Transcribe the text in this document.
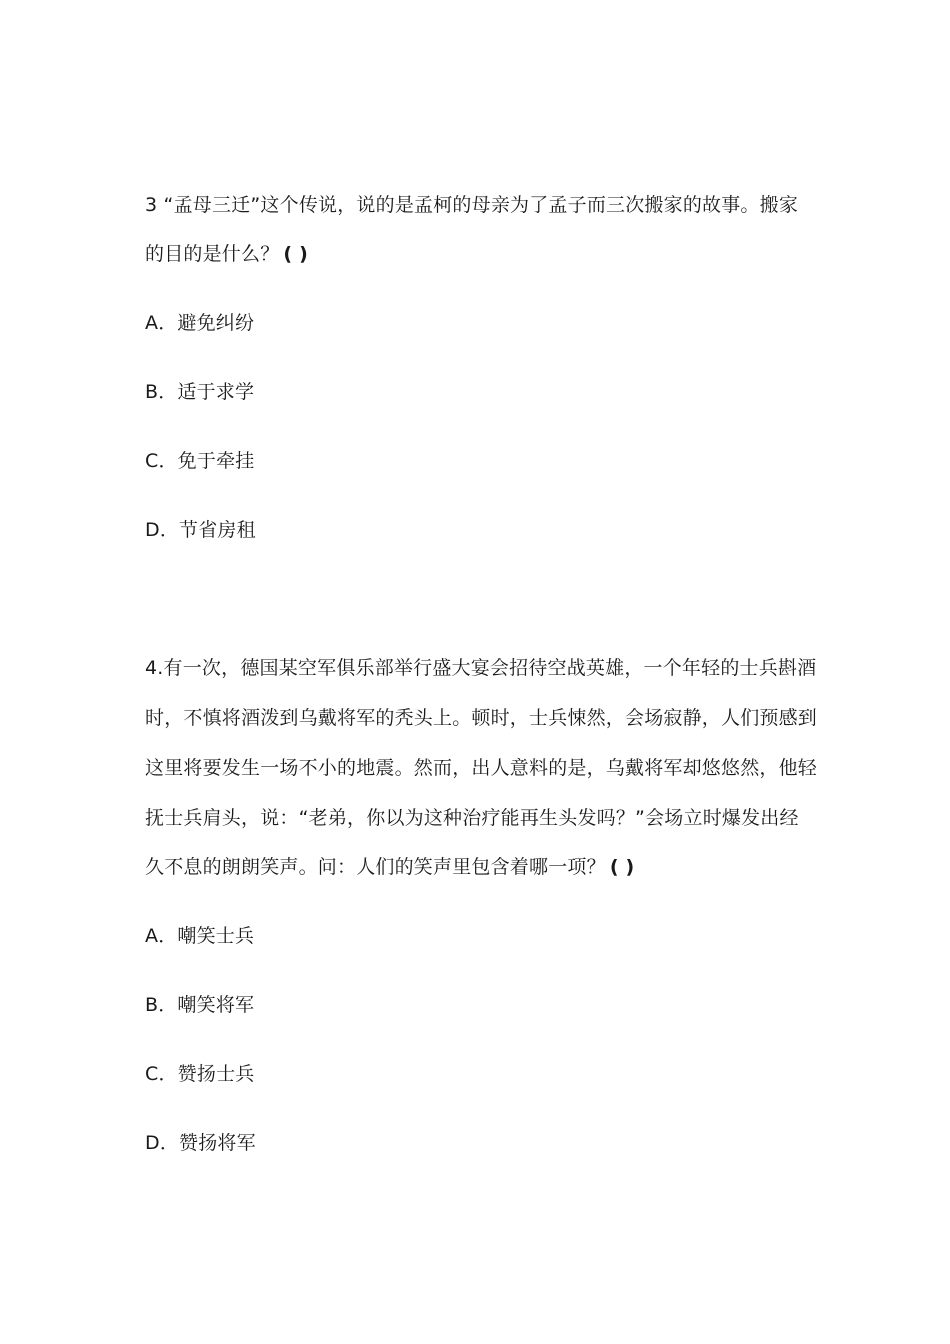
3 “孟母三迁”这个传说，说的是孟柯的母亲为了孟子而三次搬家的故事。搬家
的目的是什么？ ( )
A．避免纠纷
B．适于求学
C．免于牵挂
D．节省房租
4.有一次，德国某空军俱乐部举行盛大宴会招待空战英雄，一个年轻的士兵斟酒
时，不慎将酒泼到乌戴将军的秃头上。顿时，士兵悚然，会场寂静，人们预感到
这里将要发生一场不小的地震。然而，出人意料的是，乌戴将军却悠悠然，他轻
抚士兵肩头，说：“老弟，你以为这种治疗能再生头发吗？”会场立时爆发出经
久不息的朗朗笑声。问：人们的笑声里包含着哪一项？ ( )
A．嘲笑士兵
B．嘲笑将军
C．赞扬士兵
D．赞扬将军
